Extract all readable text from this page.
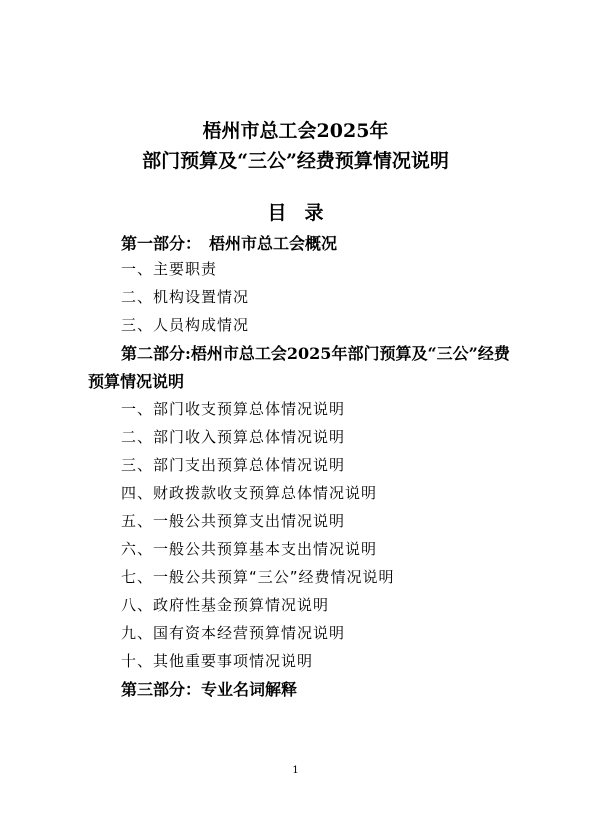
梧州市总工会2025年
部门预算及“三公”经费预算情况说明
目录
第一部分： 梧州市总工会概况
一、主要职责
二、机构设置情况
三、人员构成情况
第二部分:梧州市总工会2025年部门预算及“三公”经费
预算情况说明
一、部门收支预算总体情况说明
二、部门收入预算总体情况说明
三、部门支出预算总体情况说明
四、财政拨款收支预算总体情况说明
五、一般公共预算支出情况说明
六、一般公共预算基本支出情况说明
七、一般公共预算“三公”经费情况说明
八、政府性基金预算情况说明
九、国有资本经营预算情况说明
十、其他重要事项情况说明
第三部分：专业名词解释
1
